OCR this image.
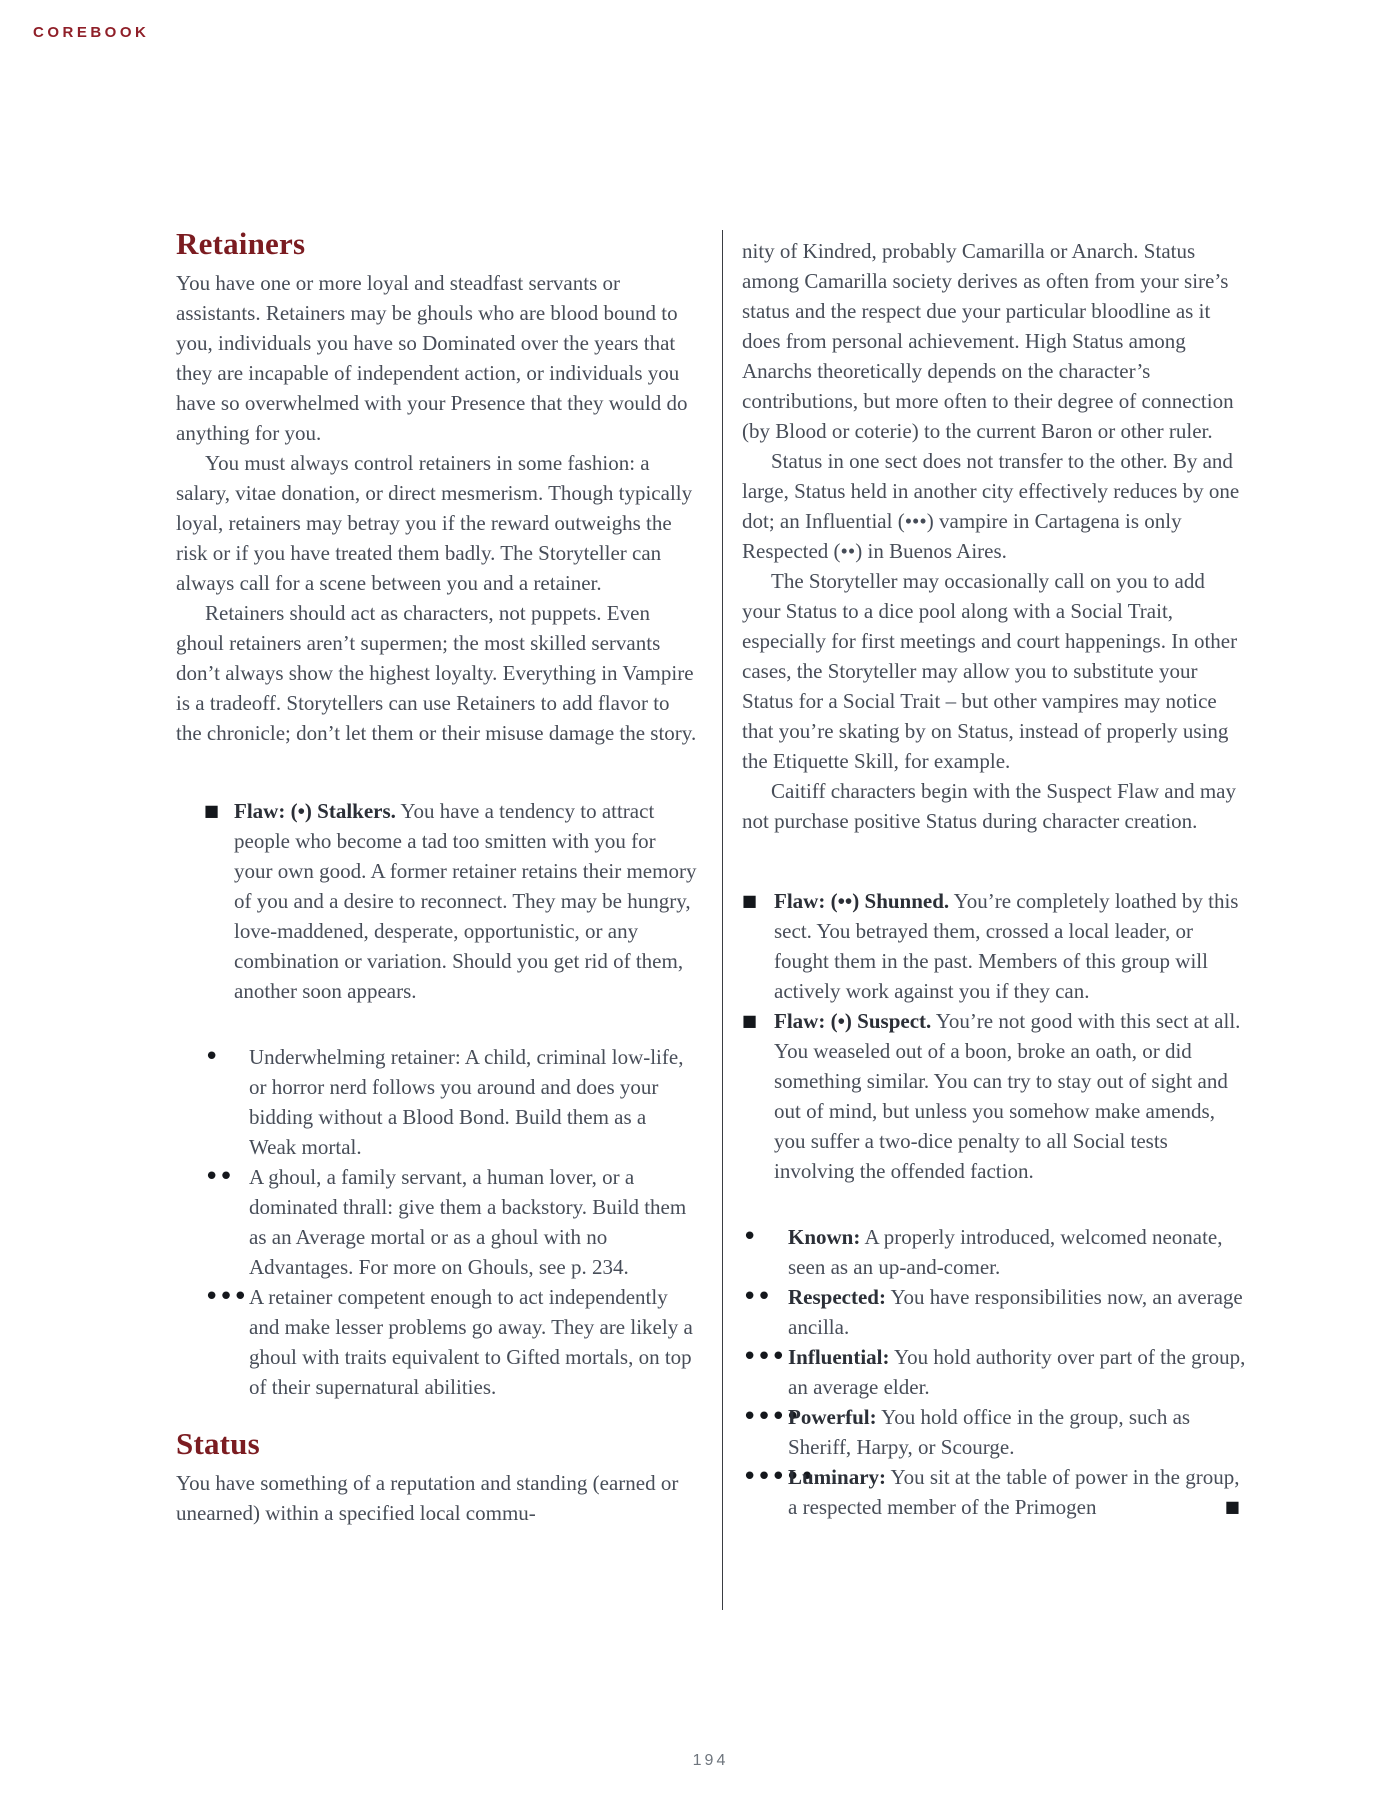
COREBOOK
Retainers

You have one or more loyal and steadfast servants or assistants. Retainers may be ghouls who are blood bound to you, individuals you have so Dominated over the years that they are incapable of independent action, or individuals you have so overwhelmed with your Presence that they would do anything for you.

You must always control retainers in some fashion: a salary, vitae donation, or direct mesmerism. Though typically loyal, retainers may betray you if the reward outweighs the risk or if you have treated them badly. The Storyteller can always call for a scene between you and a retainer.

Retainers should act as characters, not puppets. Even ghoul retainers aren’t supermen; the most skilled servants don’t always show the highest loyalty. Everything in Vampire is a tradeoff. Storytellers can use Retainers to add flavor to the chronicle; don’t let them or their misuse damage the story.

■ Flaw: (•) Stalkers. You have a tendency to attract people who become a tad too smitten with you for your own good. A former retainer retains their memory of you and a desire to reconnect. They may be hungry, love-maddened, desperate, opportunistic, or any combination or variation. Should you get rid of them, another soon appears.
•	Underwhelming retainer: A child, criminal low-life, or horror nerd follows you around and does your bidding without a Blood Bond. Build them as a Weak mortal.
•• A ghoul, a family servant, a human lover, or a dominated thrall: give them a backstory. Build them as an Average mortal or as a ghoul with no Advantages. For more on Ghouls, see p. 234.
••• A retainer competent enough to act independently and make lesser problems go away. They are likely a ghoul with traits equivalent to Gifted mortals, on top of their supernatural abilities.
Status

You have something of a reputation and standing (earned or unearned) within a specified local commu-

nity of Kindred, probably Camarilla or Anarch. Status among Camarilla society derives as often from your sire’s status and the respect due your particular bloodline as it does from personal achievement. High Status among Anarchs theoretically depends on the character’s contributions, but more often to their degree of connection (by Blood or coterie) to the current Baron or other ruler.

Status in one sect does not transfer to the other. By and large, Status held in another city effectively reduces by one dot; an Influential (•••) vampire in Cartagena is only Respected (••) in Buenos Aires.

The Storyteller may occasionally call on you to add your Status to a dice pool along with a Social Trait, especially for first meetings and court happenings. In other cases, the Storyteller may allow you to substitute your Status for a Social Trait – but other vampires may notice that you’re skating by on Status, instead of properly using the Etiquette Skill, for example.

Caitiff characters begin with the Suspect Flaw and may not purchase positive Status during character creation.

■ Flaw: (••) Shunned. You’re completely loathed by this sect. You betrayed them, crossed a local leader, or fought them in the past. Members of this group will actively work against you if they can.
■ Flaw: (•) Suspect. You’re not good with this sect at all. You weaseled out of a boon, broke an oath, or did something similar. You can try to stay out of sight and out of mind, but unless you somehow make amends, you suffer a two-dice penalty to all Social tests involving the offended faction.
•	Known: A properly introduced, welcomed neonate, seen as an up-and-comer.
•• Respected: You have responsibilities now, an average ancilla.
••• Influential: You hold authority over part of the group, an average elder.
••••
Powerful: You hold office in the group, such as Sheriff, Harpy, or Scourge.
•••••
Luminary: You sit at the table of power in the group, a respected member of the Primogen	■
194
